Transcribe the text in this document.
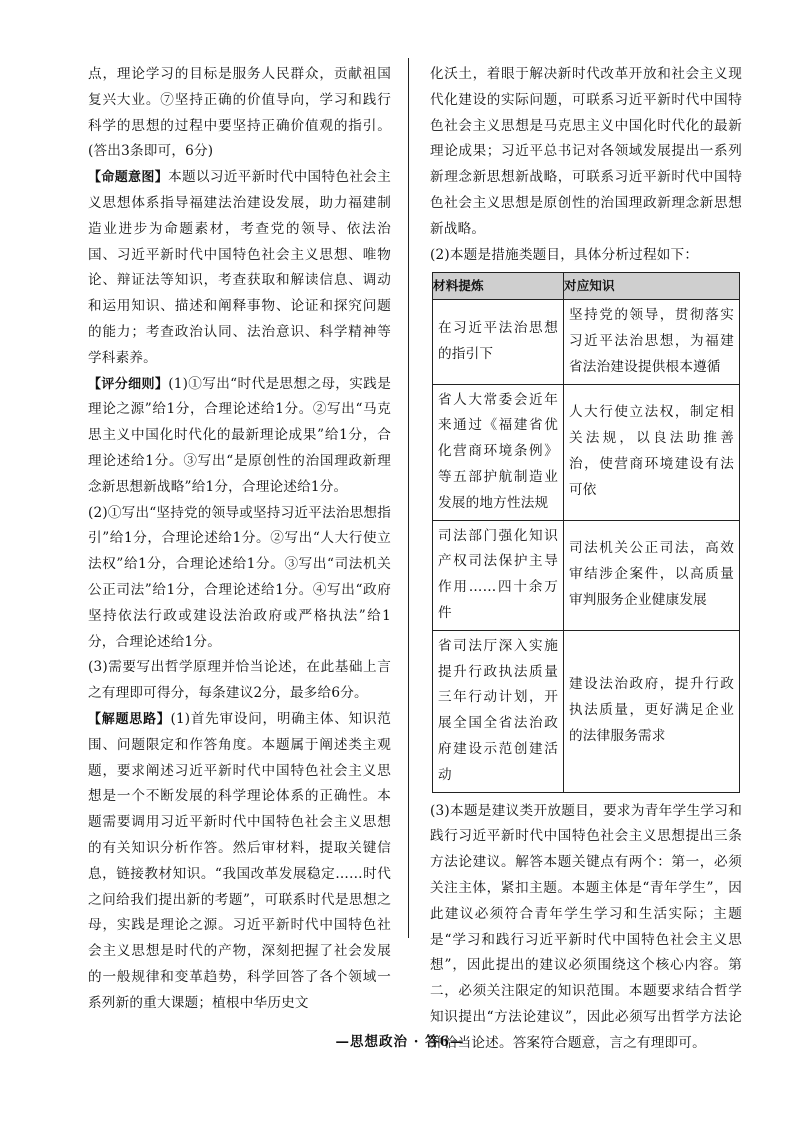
点，理论学习的目标是服务人民群众，贡献祖国复兴大业。⑦坚持正确的价值导向，学习和践行科学的思想的过程中要坚持正确价值观的指引。(答出3条即可，6分)

【命题意图】本题以习近平新时代中国特色社会主义思想体系指导福建法治建设发展，助力福建制造业进步为命题素材，考查党的领导、依法治国、习近平新时代中国特色社会主义思想、唯物论、辩证法等知识，考查获取和解读信息、调动和运用知识、描述和阐释事物、论证和探究问题的能力；考查政治认同、法治意识、科学精神等学科素养。

【评分细则】(1)①写出“时代是思想之母，实践是理论之源”给1分，合理论述给1分。②写出“马克思主义中国化时代化的最新理论成果”给1分，合理论述给1分。③写出“是原创性的治国理政新理念新思想新战略”给1分，合理论述给1分。

(2)①写出“坚持党的领导或坚持习近平法治思想指引”给1分，合理论述给1分。②写出“人大行使立法权”给1分，合理论述给1分。③写出“司法机关公正司法”给1分，合理论述给1分。④写出“政府坚持依法行政或建设法治政府或严格执法”给1分，合理论述给1分。

(3)需要写出哲学原理并恰当论述，在此基础上言之有理即可得分，每条建议2分，最多给6分。

【解题思路】(1)首先审设问，明确主体、知识范围、问题限定和作答角度。本题属于阐述类主观题，要求阐述习近平新时代中国特色社会主义思想是一个不断发展的科学理论体系的正确性。本题需要调用习近平新时代中国特色社会主义思想的有关知识分析作答。然后审材料，提取关键信息，链接教材知识。“我国改革发展稳定……时代之问给我们提出新的考题”，可联系时代是思想之母，实践是理论之源。习近平新时代中国特色社会主义思想是时代的产物，深刻把握了社会发展的一般规律和变革趋势，科学回答了各个领域一系列新的重大课题；植根中华历史文

化沃土，着眼于解决新时代改革开放和社会主义现代化建设的实际问题，可联系习近平新时代中国特色社会主义思想是马克思主义中国化时代化的最新理论成果；习近平总书记对各领域发展提出一系列新理念新思想新战略，可联系习近平新时代中国特色社会主义思想是原创性的治国理政新理念新思想新战略。

(2)本题是措施类题目，具体分析过程如下：

材料提炼	对应知识
在习近平法治思想的指引下	坚持党的领导，贯彻落实习近平法治思想，为福建省法治建设提供根本遵循
省人大常委会近年来通过《福建省优化营商环境条例》等五部护航制造业发展的地方性法规	人大行使立法权，制定相关法规，以良法助推善治，使营商环境建设有法可依
司法部门强化知识产权司法保护主导作用……四十余万件	司法机关公正司法，高效审结涉企案件，以高质量审判服务企业健康发展
省司法厅深入实施提升行政执法质量三年行动计划，开展全国全省法治政府建设示范创建活动	建设法治政府，提升行政执法质量，更好满足企业的法律服务需求

(3)本题是建议类开放题目，要求为青年学生学习和践行习近平新时代中国特色社会主义思想提出三条方法论建议。解答本题关键点有两个：第一，必须关注主体，紧扣主题。本题主体是“青年学生”，因此建议必须符合青年学生学习和生活实际；主题是“学习和践行习近平新时代中国特色社会主义思想”，因此提出的建议必须围绕这个核心内容。第二，必须关注限定的知识范围。本题要求结合哲学知识提出“方法论建议”，因此必须写出哲学方法论并恰当论述。答案符合题意，言之有理即可。

—思想政治 · 答6—
